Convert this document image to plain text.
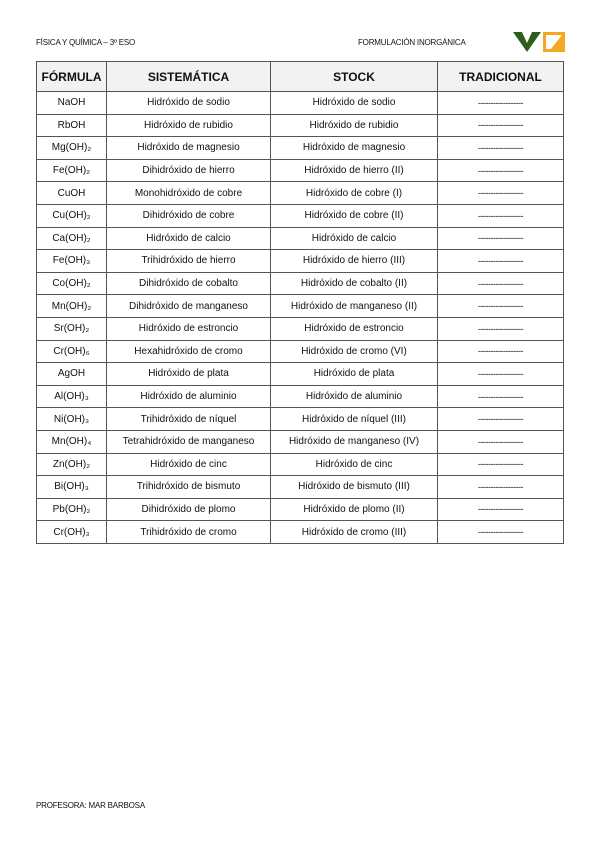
FÍSICA Y QUÍMICA – 3º ESO	FORMULACIÓN INORGÁNICA
FÓRMULA	SISTEMÁTICA	STOCK	TRADICIONAL
NaOH	Hidróxido de sodio	Hidróxido de sodio	------------------
RbOH	Hidróxido de rubidio	Hidróxido de rubidio	------------------
Mg(OH)₂	Hidróxido de magnesio	Hidróxido de magnesio	------------------
Fe(OH)₂	Dihidróxido de hierro	Hidróxido de hierro (II)	------------------
CuOH	Monohidróxido de cobre	Hidróxido de cobre (I)	------------------
Cu(OH)₂	Dihidróxido de cobre	Hidróxido de cobre (II)	------------------
Ca(OH)₂	Hidróxido de calcio	Hidróxido de calcio	------------------
Fe(OH)₃	Trihidróxido de hierro	Hidróxido de hierro (III)	------------------
Co(OH)₂	Dihidróxido de cobalto	Hidróxido de cobalto (II)	------------------
Mn(OH)₂	Dihidróxido de manganeso	Hidróxido de manganeso (II)	------------------
Sr(OH)₂	Hidróxido de estroncio	Hidróxido de estroncio	------------------
Cr(OH)₆	Hexahidróxido de cromo	Hidróxido de cromo (VI)	------------------
AgOH	Hidróxido de plata	Hidróxido de plata	------------------
Al(OH)₃	Hidróxido de aluminio	Hidróxido de aluminio	------------------
Ni(OH)₃	Trihidróxido de níquel	Hidróxido de níquel (III)	------------------
Mn(OH)₄	Tetrahidróxido de manganeso	Hidróxido de manganeso (IV)	------------------
Zn(OH)₂	Hidróxido de cinc	Hidróxido de cinc	------------------
Bi(OH)₃	Trihidróxido de bismuto	Hidróxido de bismuto (III)	------------------
Pb(OH)₂	Dihidróxido de plomo	Hidróxido de plomo (II)	------------------
Cr(OH)₃	Trihidróxido de cromo	Hidróxido de cromo (III)	------------------
PROFESORA: MAR BARBOSA
